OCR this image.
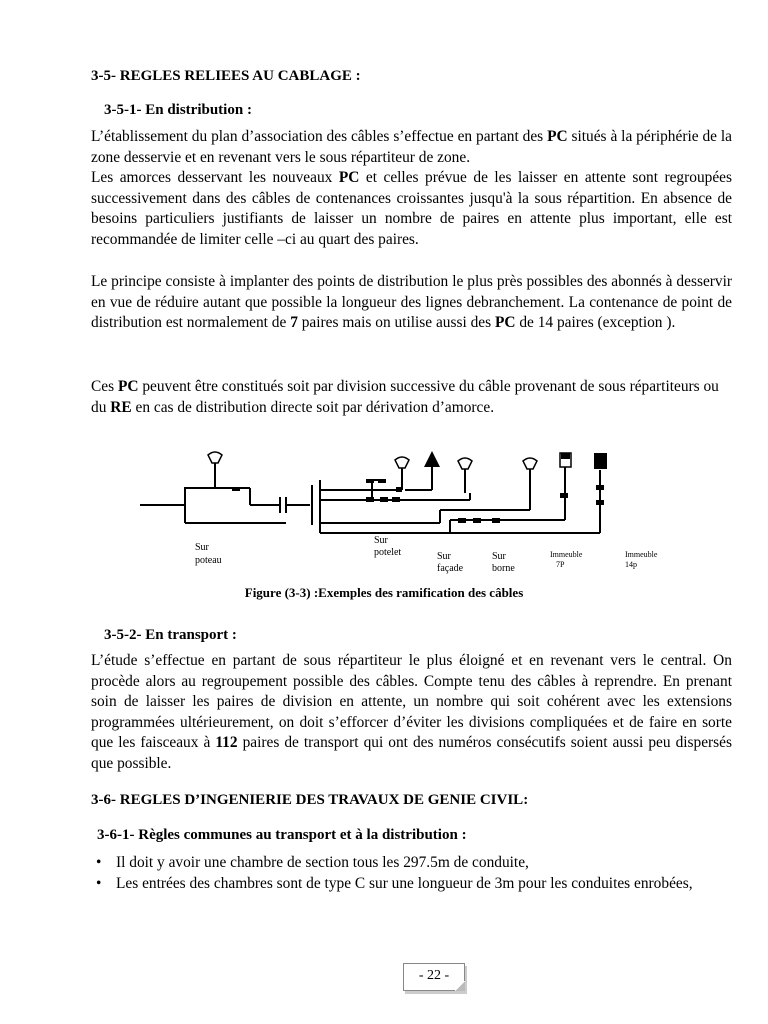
3-5- REGLES RELIEES AU CABLAGE :
3-5-1- En distribution :

L’établissement du plan d’association des câbles s’effectue en partant des PC situés à la périphérie de la zone desservie et en revenant vers le sous répartiteur de zone.

Les amorces desservant les nouveaux PC et celles prévue de les laisser en attente sont regroupées successivement dans des câbles de contenances croissantes jusqu'à la sous répartition. En absence de besoins particuliers justifiants de laisser un nombre de paires en attente plus important, elle est recommandée de limiter celle –ci au quart des paires.

Le principe consiste à implanter des points de distribution le plus près possibles des abonnés à desservir en vue de réduire autant que possible la longueur des lignes debranchement. La contenance de point de distribution est normalement de 7 paires mais on utilise aussi des PC de 14 paires (exception ).

Ces PC peuvent être constitués soit par division successive du câble provenant de sous répartiteurs ou du RE en cas de distribution directe soit par dérivation d’amorce.

Sur
poteau
Sur
potelet	Sur
façade
Sur
borne
Immeuble
7P
Immeuble
14p
Figure (3-3) :Exemples des ramification des câbles
3-5-2- En transport :

L’étude s’effectue en partant de sous répartiteur le plus éloigné et en revenant vers le central. On procède alors au regroupement possible des câbles. Compte tenu des câbles à reprendre. En prenant soin de laisser les paires de division en attente, un nombre qui soit cohérent avec les extensions programmées ultérieurement, on doit s’efforcer d’éviter les divisions compliquées et de faire en sorte que les faisceaux à 112 paires de transport qui ont des numéros consécutifs soient aussi peu dispersés que possible.

3-6- REGLES D’INGENIERIE DES TRAVAUX DE GENIE CIVIL:
3-6-1- Règles communes au transport et à la distribution :
• Il doit y avoir une chambre de section tous les 297.5m de conduite,
• Les entrées des chambres sont de type C sur une longueur de 3m pour les conduites enrobées,
- 22 -
